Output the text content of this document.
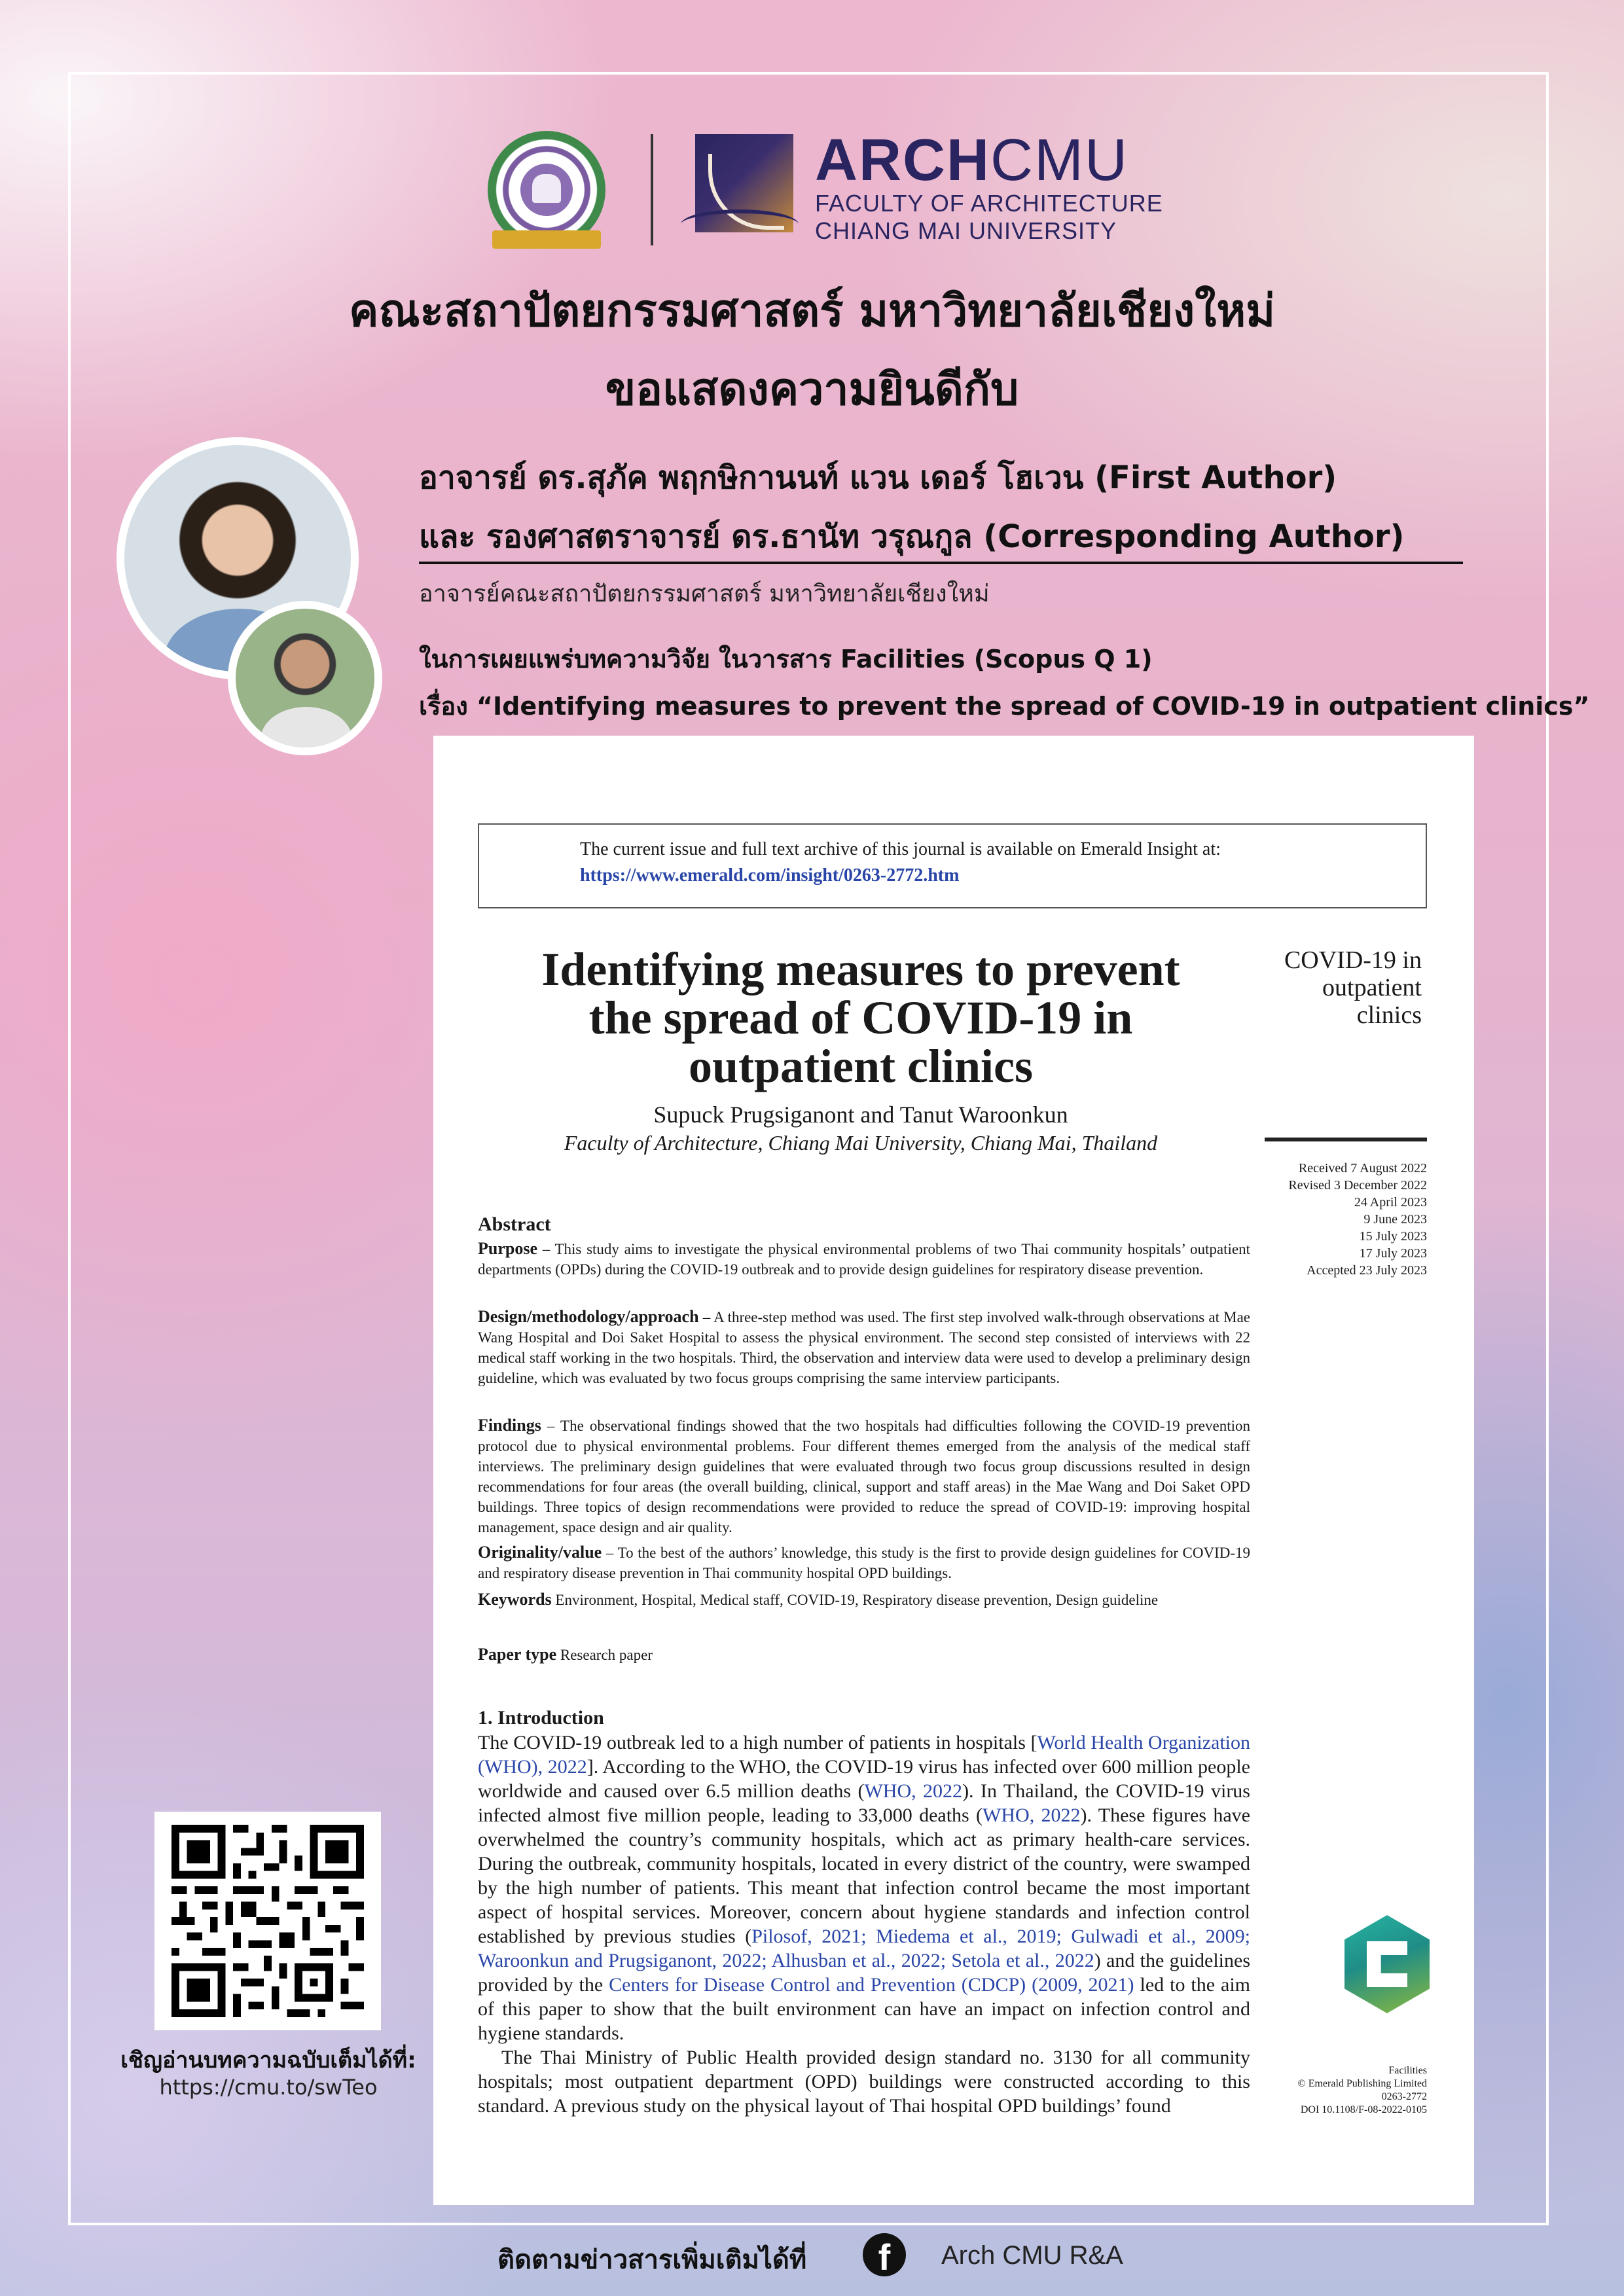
ARCHCMU
FACULTY OF ARCHITECTURE
CHIANG MAI UNIVERSITY
คณะสถาปัตยกรรมศาสตร์ มหาวิทยาลัยเชียงใหม่
ขอแสดงความยินดีกับ
อาจารย์ ดร.สุภัค พฤกษิกานนท์ แวน เดอร์ โฮเวน (First Author)
และ รองศาสตราจารย์ ดร.ธานัท วรุณกูล (Corresponding Author)
อาจารย์คณะสถาปัตยกรรมศาสตร์ มหาวิทยาลัยเชียงใหม่
ในการเผยแพร่บทความวิจัย ในวารสาร Facilities (Scopus Q 1)
เรื่อง “Identifying measures to prevent the spread of COVID-19 in outpatient clinics”
The current issue and full text archive of this journal is available on Emerald Insight at:
https://www.emerald.com/insight/0263-2772.htm
Identifying measures to prevent
the spread of COVID-19 in
outpatient clinics
Supuck Prugsiganont and Tanut Waroonkun
Faculty of Architecture, Chiang Mai University, Chiang Mai, Thailand
COVID-19 in
outpatient
clinics
Received 7 August 2022
Revised 3 December 2022
24 April 2023
9 June 2023
15 July 2023
17 July 2023
Accepted 23 July 2023
Abstract
Purpose – This study aims to investigate the physical environmental problems of two Thai community hospitals’ outpatient departments (OPDs) during the COVID-19 outbreak and to provide design guidelines for respiratory disease prevention.
Design/methodology/approach – A three-step method was used. The first step involved walk-through observations at Mae Wang Hospital and Doi Saket Hospital to assess the physical environment. The second step consisted of interviews with 22 medical staff working in the two hospitals. Third, the observation and interview data were used to develop a preliminary design guideline, which was evaluated by two focus groups comprising the same interview participants.
Findings – The observational findings showed that the two hospitals had difficulties following the COVID-19 prevention protocol due to physical environmental problems. Four different themes emerged from the analysis of the medical staff interviews. The preliminary design guidelines that were evaluated through two focus group discussions resulted in design recommendations for four areas (the overall building, clinical, support and staff areas) in the Mae Wang and Doi Saket OPD buildings. Three topics of design recommendations were provided to reduce the spread of COVID-19: improving hospital management, space design and air quality.
Originality/value – To the best of the authors’ knowledge, this study is the first to provide design guidelines for COVID-19 and respiratory disease prevention in Thai community hospital OPD buildings.
Keywords Environment, Hospital, Medical staff, COVID-19, Respiratory disease prevention, Design guideline
Paper type Research paper
1. Introduction

The COVID-19 outbreak led to a high number of patients in hospitals [World Health Organization (WHO), 2022]. According to the WHO, the COVID-19 virus has infected over 600 million people worldwide and caused over 6.5 million deaths (WHO, 2022). In Thailand, the COVID-19 virus infected almost five million people, leading to 33,000 deaths (WHO, 2022). These figures have overwhelmed the country’s community hospitals, which act as primary health-care services. During the outbreak, community hospitals, located in every district of the country, were swamped by the high number of patients. This meant that infection control became the most important aspect of hospital services. Moreover, concern about hygiene standards and infection control established by previous studies (Pilosof, 2021; Miedema et al., 2019; Gulwadi et al., 2009; Waroonkun and Prugsiganont, 2022; Alhusban et al., 2022; Setola et al., 2022) and the guidelines provided by the Centers for Disease Control and Prevention (CDCP) (2009, 2021) led to the aim of this paper to show that the built environment can have an impact on infection control and hygiene standards.

The Thai Ministry of Public Health provided design standard no. 3130 for all community hospitals; most outpatient department (OPD) buildings were constructed according to this standard. A previous study on the physical layout of Thai hospital OPD buildings’ found

Facilities
© Emerald Publishing Limited
0263-2772
DOI 10.1108/F-08-2022-0105
เชิญอ่านบทความฉบับเต็มได้ที่:
https://cmu.to/swTeo
ติดตามข่าวสารเพิ่มเติมได้ที่	f	Arch CMU R&A
